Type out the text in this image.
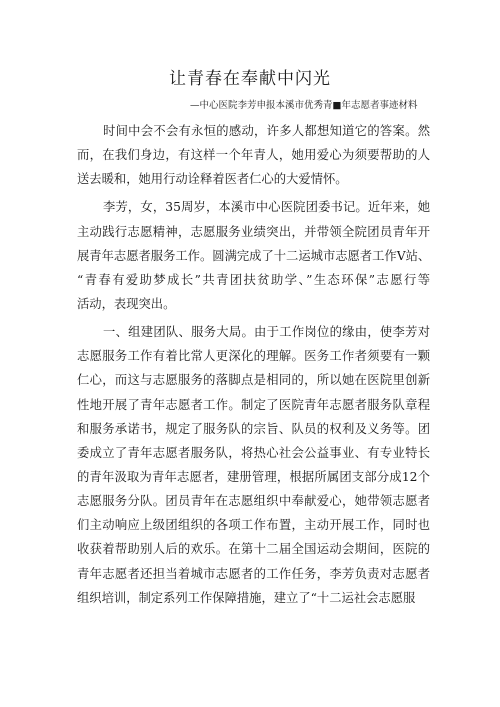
让青春在奉献中闪光
—中心医院李芳申报本溪市优秀青■年志愿者事迹材料
时间中会不会有永恒的感动，许多人都想知道它的答案。然
而，在我们身边，有这样一个年青人，她用爱心为须要帮助的人
送去暖和，她用行动诠释着医者仁心的大爱情怀。
李芳，女，35周岁，本溪市中心医院团委书记。近年来，她
主动践行志愿精神，志愿服务业绩突出，并带领全院团员青年开
展青年志愿者服务工作。圆满完成了十二运城市志愿者工作V站、
“青春有爱助梦成长”共青团扶贫助学、”生态环保”志愿行等
活动，表现突出。
一、组建团队、服务大局。由于工作岗位的缘由，使李芳对
志愿服务工作有着比常人更深化的理解。医务工作者须要有一颗
仁心，而这与志愿服务的落脚点是相同的，所以她在医院里创新
性地开展了青年志愿者工作。制定了医院青年志愿者服务队章程
和服务承诺书，规定了服务队的宗旨、队员的权利及义务等。团
委成立了青年志愿者服务队，将热心社会公益事业、有专业特长
的青年汲取为青年志愿者，建册管理，根据所属团支部分成12个
志愿服务分队。团员青年在志愿组织中奉献爱心，她带领志愿者
们主动响应上级团组织的各项工作布置，主动开展工作，同时也
收获着帮助别人后的欢乐。在第十二届全国运动会期间，医院的
青年志愿者还担当着城市志愿者的工作任务，李芳负责对志愿者
组织培训，制定系列工作保障措施，建立了“十二运社会志愿服
